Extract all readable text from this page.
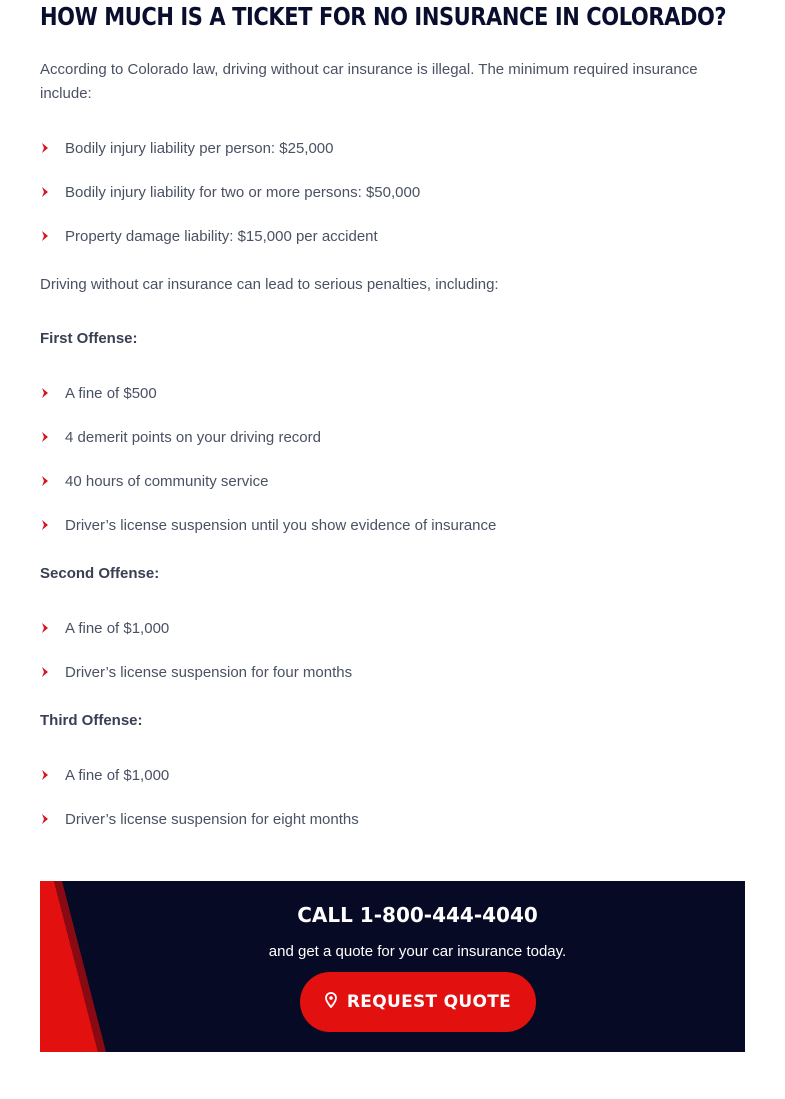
HOW MUCH IS A TICKET FOR NO INSURANCE IN COLORADO?
According to Colorado law, driving without car insurance is illegal. The minimum required insurance include:
Bodily injury liability per person: $25,000
Bodily injury liability for two or more persons: $50,000
Property damage liability: $15,000 per accident
Driving without car insurance can lead to serious penalties, including:
First Offense:
A fine of $500
4 demerit points on your driving record
40 hours of community service
Driver’s license suspension until you show evidence of insurance
Second Offense:
A fine of $1,000
Driver’s license suspension for four months
Third Offense:
A fine of $1,000
Driver’s license suspension for eight months
CALL 1-800-444-4040
and get a quote for your car insurance today.
REQUEST QUOTE
